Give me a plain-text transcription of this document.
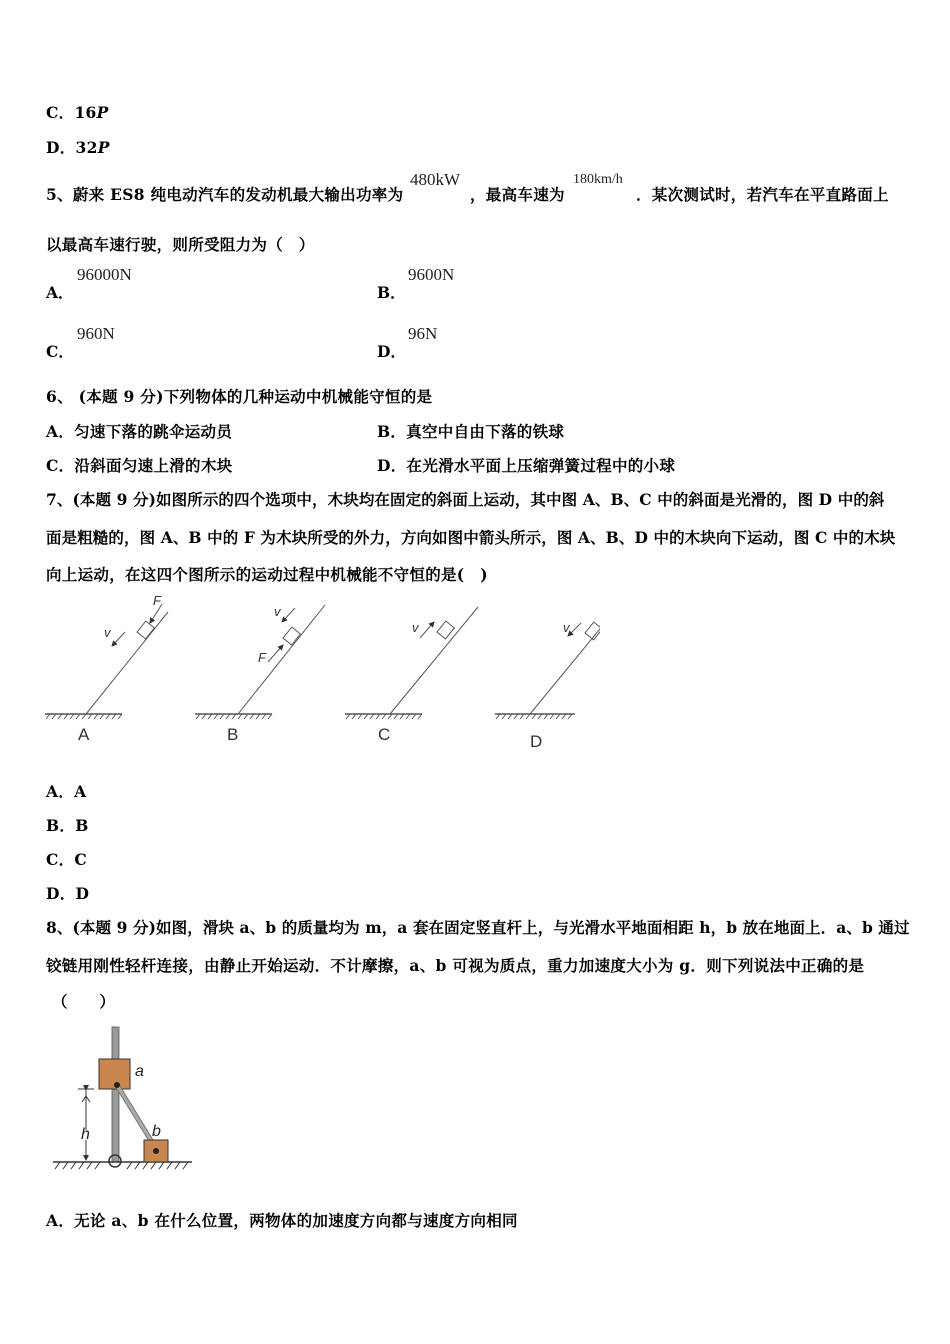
C．16P
D．32P
5、蔚来 ES8 纯电动汽车的发动机最大输出功率为
480kW
，最高车速为
180km/h
．某次测试时，若汽车在平直路面上
以最高车速行驶，则所受阻力为（　）
A．
96000N
B．
9600N
C．
960N
D．
96N
6、 (本题 9 分)下列物体的几种运动中机械能守恒的是
A．匀速下落的跳伞运动员	B．真空中自由下落的铁球
C．沿斜面匀速上滑的木块	D．在光滑水平面上压缩弹簧过程中的小球
7、(本题 9 分)如图所示的四个选项中，木块均在固定的斜面上运动，其中图 A、B、C 中的斜面是光滑的，图 D 中的斜
面是粗糙的，图 A、B 中的 F 为木块所受的外力，方向如图中箭头所示，图 A、B、D 中的木块向下运动，图 C 中的木块
向上运动，在这四个图所示的运动过程中机械能不守恒的是(　)
F
v
v
F
v	v
A	B	C	D
A．A
B．B
C．C
D．D
8、(本题 9 分)如图，滑块 a、b 的质量均为 m，a 套在固定竖直杆上，与光滑水平地面相距 h，b 放在地面上．a、b 通过
铰链用刚性轻杆连接，由静止开始运动．不计摩擦，a、b 可视为质点，重力加速度大小为 g．则下列说法中正确的是
（　　）
a
b
h
A．无论 a、b 在什么位置，两物体的加速度方向都与速度方向相同
